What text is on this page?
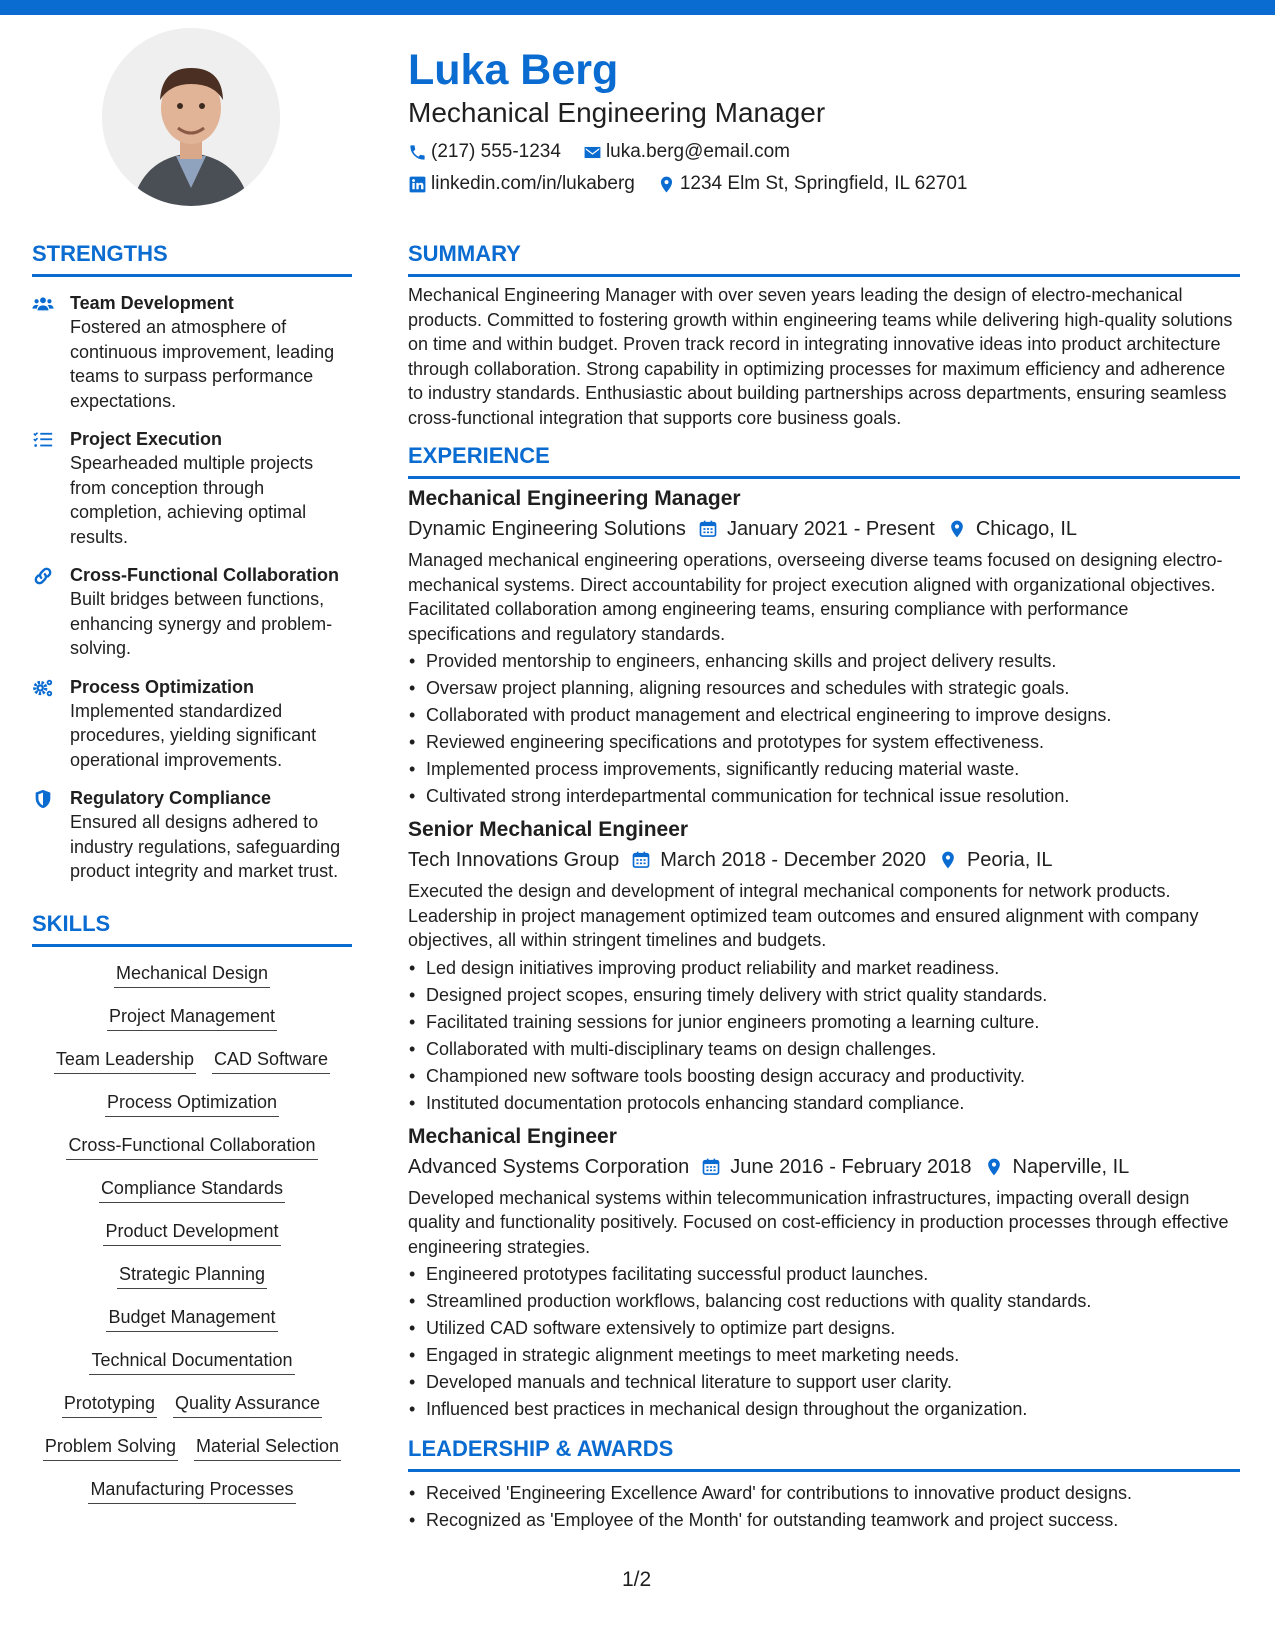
Luka Berg
Mechanical Engineering Manager
(217) 555-1234 luka.berg@email.com
linkedin.com/in/lukaberg 1234 Elm St, Springfield, IL 62701
STRENGTHS
Team Development
Fostered an atmosphere of continuous improvement, leading teams to surpass performance expectations.
Project Execution
Spearheaded multiple projects from conception through completion, achieving optimal results.
Cross-Functional Collaboration
Built bridges between functions, enhancing synergy and problem-solving.
Process Optimization
Implemented standardized procedures, yielding significant operational improvements.
Regulatory Compliance
Ensured all designs adhered to industry regulations, safeguarding product integrity and market trust.
SKILLS
Mechanical Design
Project Management
Team Leadership CAD Software
Process Optimization
Cross-Functional Collaboration
Compliance Standards
Product Development
Strategic Planning
Budget Management
Technical Documentation
Prototyping Quality Assurance
Problem Solving Material Selection
Manufacturing Processes
SUMMARY
Mechanical Engineering Manager with over seven years leading the design of electro-mechanical products. Committed to fostering growth within engineering teams while delivering high-quality solutions on time and within budget. Proven track record in integrating innovative ideas into product architecture through collaboration. Strong capability in optimizing processes for maximum efficiency and adherence to industry standards. Enthusiastic about building partnerships across departments, ensuring seamless cross-functional integration that supports core business goals.
EXPERIENCE
Mechanical Engineering Manager
Dynamic Engineering Solutions January 2021 - Present Chicago, IL
Managed mechanical engineering operations, overseeing diverse teams focused on designing electro-mechanical systems. Direct accountability for project execution aligned with organizational objectives. Facilitated collaboration among engineering teams, ensuring compliance with performance specifications and regulatory standards.
• Provided mentorship to engineers, enhancing skills and project delivery results.
• Oversaw project planning, aligning resources and schedules with strategic goals.
• Collaborated with product management and electrical engineering to improve designs.
• Reviewed engineering specifications and prototypes for system effectiveness.
• Implemented process improvements, significantly reducing material waste.
• Cultivated strong interdepartmental communication for technical issue resolution.
Senior Mechanical Engineer
Tech Innovations Group March 2018 - December 2020 Peoria, IL
Executed the design and development of integral mechanical components for network products. Leadership in project management optimized team outcomes and ensured alignment with company objectives, all within stringent timelines and budgets.
• Led design initiatives improving product reliability and market readiness.
• Designed project scopes, ensuring timely delivery with strict quality standards.
• Facilitated training sessions for junior engineers promoting a learning culture.
• Collaborated with multi-disciplinary teams on design challenges.
• Championed new software tools boosting design accuracy and productivity.
• Instituted documentation protocols enhancing standard compliance.
Mechanical Engineer
Advanced Systems Corporation June 2016 - February 2018 Naperville, IL
Developed mechanical systems within telecommunication infrastructures, impacting overall design quality and functionality positively. Focused on cost-efficiency in production processes through effective engineering strategies.
• Engineered prototypes facilitating successful product launches.
• Streamlined production workflows, balancing cost reductions with quality standards.
• Utilized CAD software extensively to optimize part designs.
• Engaged in strategic alignment meetings to meet marketing needs.
• Developed manuals and technical literature to support user clarity.
• Influenced best practices in mechanical design throughout the organization.
LEADERSHIP & AWARDS
• Received 'Engineering Excellence Award' for contributions to innovative product designs.
• Recognized as 'Employee of the Month' for outstanding teamwork and project success.
1/2
